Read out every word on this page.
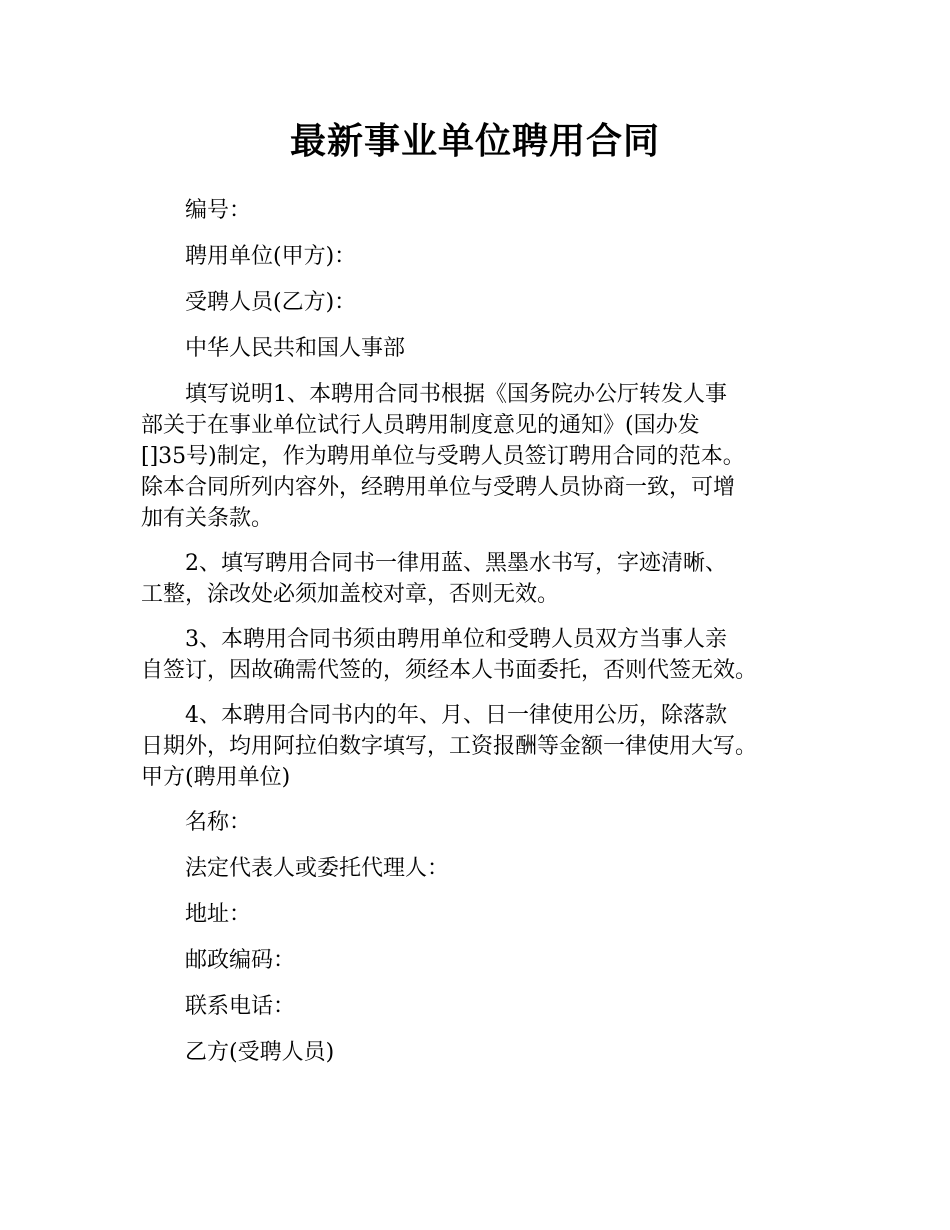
最新事业单位聘用合同

编号：

聘用单位(甲方)：

受聘人员(乙方)：

中华人民共和国人事部

填写说明1、本聘用合同书根据《国务院办公厅转发人事
部关于在事业单位试行人员聘用制度意见的通知》(国办发
[]35号)制定，作为聘用单位与受聘人员签订聘用合同的范本。
除本合同所列内容外，经聘用单位与受聘人员协商一致，可增
加有关条款。
2、填写聘用合同书一律用蓝、黑墨水书写，字迹清晰、
工整，涂改处必须加盖校对章，否则无效。
3、本聘用合同书须由聘用单位和受聘人员双方当事人亲
自签订，因故确需代签的，须经本人书面委托，否则代签无效。
4、本聘用合同书内的年、月、日一律使用公历，除落款
日期外，均用阿拉伯数字填写，工资报酬等金额一律使用大写。
甲方(聘用单位)

名称：

法定代表人或委托代理人：

地址：

邮政编码：

联系电话：

乙方(受聘人员)
